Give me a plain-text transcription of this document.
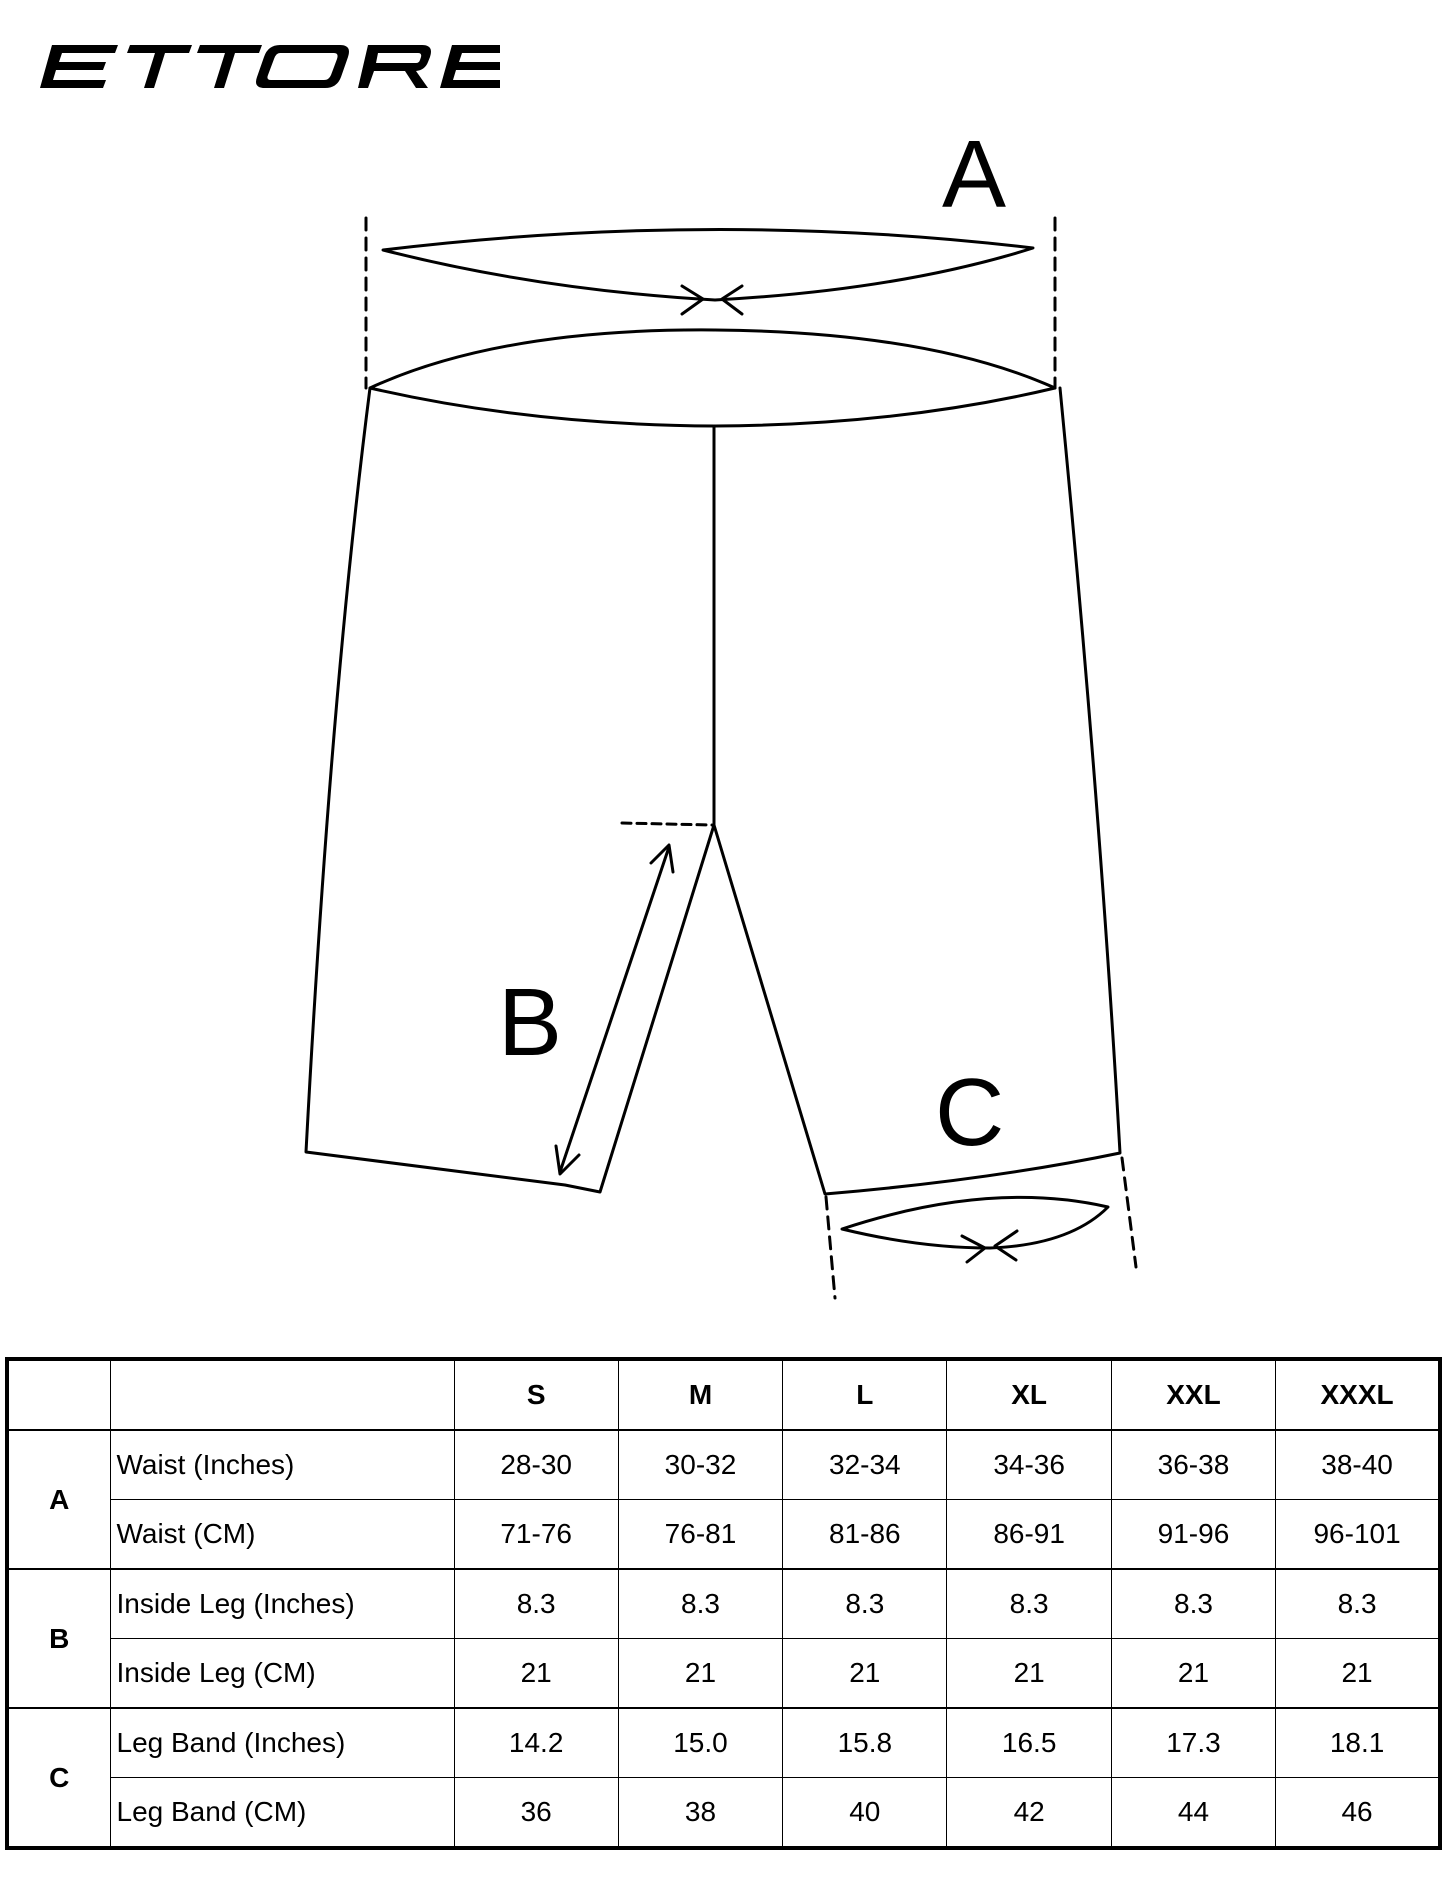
A
B
C
		S	M	L	XL	XXL	XXXL
A	Waist (Inches)	28-30	30-32	32-34	34-36	36-38	38-40
	Waist (CM)	71-76	76-81	81-86	86-91	91-96	96-101
B	Inside Leg (Inches)	8.3	8.3	8.3	8.3	8.3	8.3
	Inside Leg (CM)	21	21	21	21	21	21
C	Leg Band (Inches)	14.2	15.0	15.8	16.5	17.3	18.1
	Leg Band (CM)	36	38	40	42	44	46
